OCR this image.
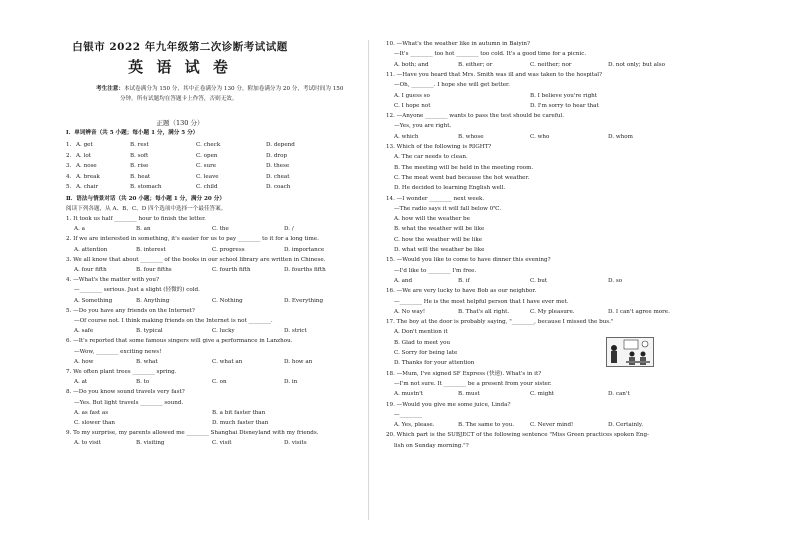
白银市 2022 年九年级第二次诊断考试试题
英 语 试 卷
考生注意：本试卷满分为 150 分，其中正卷满分为 130 分，附加卷满分为 20 分，考试时间为 150
分钟。所有试题均在答题卡上作答，否则无效。
正题（130 分）
Ⅰ．单词辨音（共 5 小题；每小题 1 分，满分 5 分）
1. A. get	B. rest	C. check	D. depend
2. A. lot	B. soft	C. open	D. drop
3. A. nose	B. rise	C. sure	D. these
4. A. break	B. heat	C. leave	D. cheat
5. A. chair	B. stomach	C. child	D. coach
Ⅱ．语法与情景对话（共 20 小题；每小题 1 分，满分 20 分）
阅读下列各题，从 A、B、C、D 四个选项中选择一个最佳答案。
1. It took us half ________ hour to finish the letter.
A. a	B. an	C. the	D. /
2. If we are interested in something, it's easier for us to pay ________ to it for a long time.
A. attention	B. interest	C. progress	D. importance
3. We all know that about ________ of the books in our school library are written in Chinese.
A. four fifth	B. four fifths	C. fourth fifth	D. fourths fifth
4. —What's the matter with you?
—________ serious. Just a slight (轻微的) cold.
A. Something	B. Anything	C. Nothing	D. Everything
5. —Do you have any friends on the Internet?
—Of course not. I think making friends on the Internet is not ________.
A. safe	B. typical	C. lucky	D. strict
6. —It's reported that some famous singers will give a performance in Lanzhou.
—Wow, ________ exciting news!
A. how	B. what	C. what an	D. how an
7. We often plant trees ________ spring.
A. at	B. to	C. on	D. in
8. —Do you know sound travels very fast?
—Yes. But light travels ________ sound.
A. as fast as	B. a bit faster than
C. slower than	D. much faster than
9. To my surprise, my parents allowed me ________ Shanghai Disneyland with my friends.
A. to visit	B. visiting	C. visit	D. visits
10. —What's the weather like in autumn in Baiyin?
—It's ________ too hot ________ too cold. It's a good time for a picnic.
A. both; and	B. either; or	C. neither; nor	D. not only; but also
11. —Have you heard that Mrs. Smith was ill and was taken to the hospital?
—Oh, ________. I hope she will get better.
A. I guess so	B. I believe you're right
C. I hope not	D. I'm sorry to hear that
12. —Anyone ________ wants to pass the test should be careful.
—Yes, you are right.
A. which	B. whose	C. who	D. whom
13. Which of the following is RIGHT?
A. The car needs to clean.
B. The meeting will be held in the meeting room.
C. The meat went bad because the hot weather.
D. He decided to learning English well.
14. —I wonder ________ next week.
—The radio says it will fall below 0℃.
A. how will the weather be
B. what the weather will be like
C. how the weather will be like
D. what will the weather be like
15. —Would you like to come to have dinner this evening?
—I'd like to ________ I'm free.
A. and	B. if	C. but	D. so
16. —We are very lucky to have Bob as our neighbor.
—________ He is the most helpful person that I have ever met.
A. No way!	B. That's all right.	C. My pleasure.	D. I can't agree more.
17. The boy at the door is probably saying, "________, because I missed the bus."
A. Don't mention it
B. Glad to meet you
C. Sorry for being late
D. Thanks for your attention
18. —Mum, I've signed SF Express (快递). What's in it?
—I'm not sure. It ________ be a present from your sister.
A. mustn't	B. must	C. might	D. can't
19. —Would you give me some juice, Linda?
—________
A. Yes, please.	B. The same to you.	C. Never mind!	D. Certainly.
20. Which part is the SUBJECT of the following sentence "Miss Green practices spoken Eng-
lish on Sunday morning."?
